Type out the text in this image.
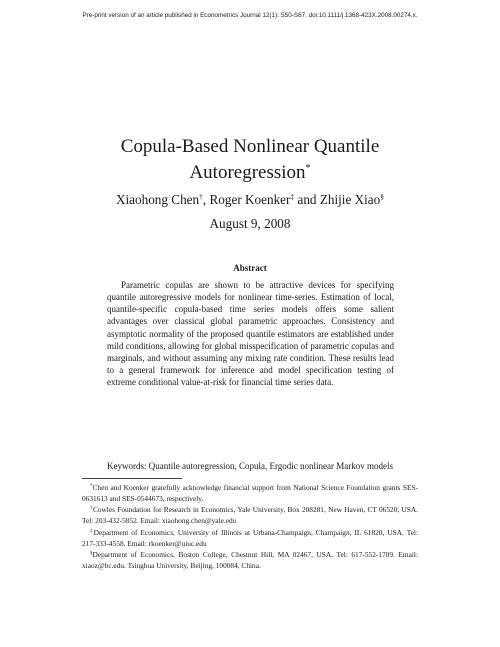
Pre-print version of an article published in Econometrics Journal 12(1): S50-S67. doi:10.1111/j.1368-423X.2008.00274.x.
Copula-Based Nonlinear Quantile
Autoregression*
Xiaohong Chen†, Roger Koenker‡ and Zhijie Xiao§
August 9, 2008
Abstract
Parametric copulas are shown to be attractive devices for specifying quantile autoregressive models for nonlinear time-series. Estimation of local, quantile-specific copula-based time series models offers some salient advantages over classical global parametric approaches. Consistency and asymptotic normality of the proposed quantile estimators are established under mild conditions, allowing for global misspecification of parametric copulas and marginals, and without assuming any mixing rate condition. These results lead to a general framework for inference and model specification testing of extreme conditional value-at-risk for financial time series data.
Keywords: Quantile autoregression, Copula, Ergodic nonlinear Markov models

*Chen and Koenker gratefully acknowledge financial support from National Science Foundation grants SES-0631613 and SES-0544673, respectively.

†Cowles Foundation for Research in Economics, Yale University, Box 208281, New Haven, CT 06520, USA. Tel: 203-432-5852. Email: xiaohong.chen@yale.edu

‡Department of Economics, University of Illinois at Urbana-Champaign, Champaign, IL 61820, USA. Tel: 217-333-4558. Email: rkoenker@uiuc.edu

§Department of Economics, Boston College, Chestnut Hill, MA 02467, USA. Tel: 617-552-1709. Email: xiaoz@bc.edu. Tsinghua University, Beijing, 100084, China.
